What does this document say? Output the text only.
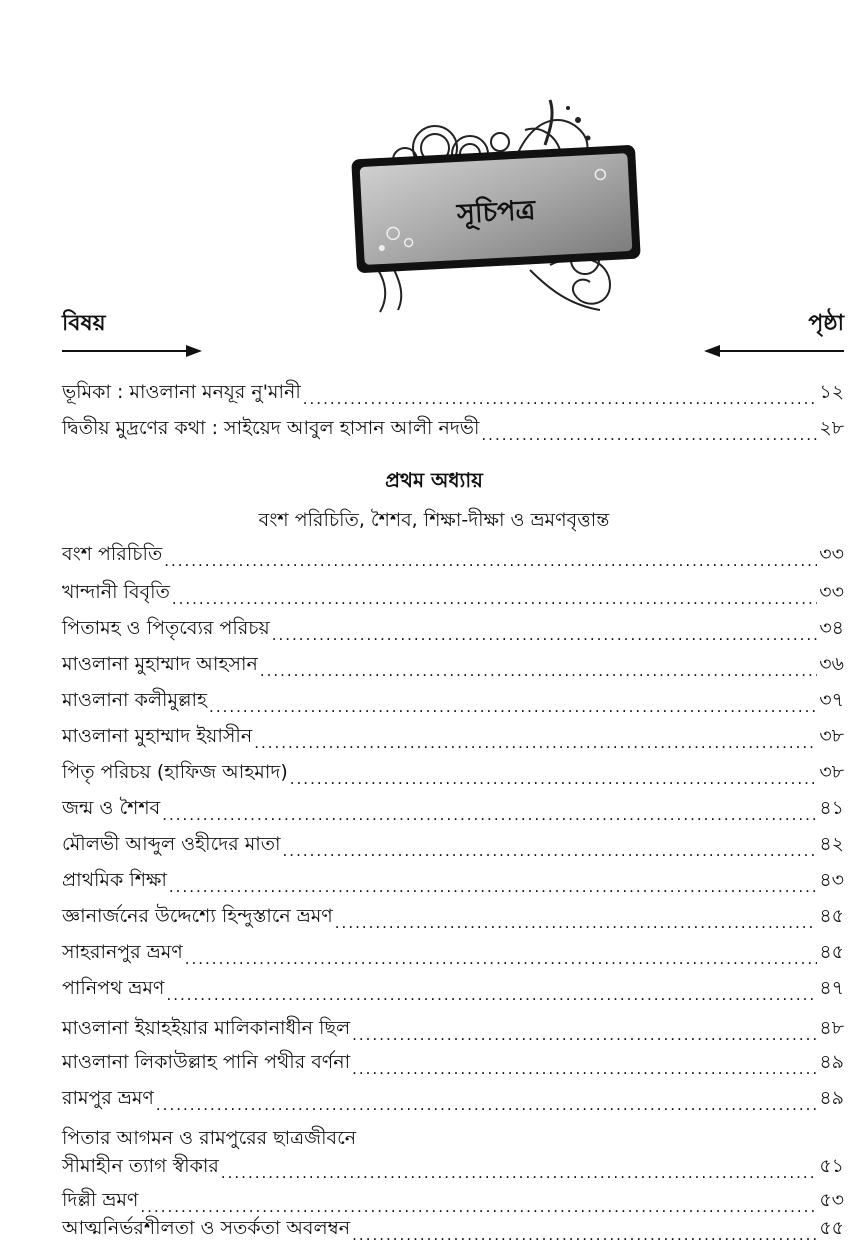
সূচিপত্র
বিষয়	পৃষ্ঠা
ভূমিকা : মাওলানা মনযূর নু'মানী .....	১২
দ্বিতীয় মুদ্রণের কথা : সাইয়েদ আবুল হাসান আলী নদভী .....	২৮
প্রথম অধ্যায়
বংশ পরিচিতি, শৈশব, শিক্ষা-দীক্ষা ও ভ্রমণবৃত্তান্ত
বংশ পরিচিতি .....	৩৩
খান্দানী বিবৃতি .....	৩৩
পিতামহ ও পিতৃব্যের পরিচয় .....	৩৪
মাওলানা মুহাম্মাদ আহসান .....	৩৬
মাওলানা কলীমুল্লাহ .....	৩৭
মাওলানা মুহাম্মাদ ইয়াসীন .....	৩৮
পিতৃ পরিচয় (হাফিজ আহমাদ) .....	৩৮
জন্ম ও শৈশব .....	৪১
মৌলভী আব্দুল ওহীদের মাতা .....	৪২
প্রাথমিক শিক্ষা .....	৪৩
জ্ঞানার্জনের উদ্দেশ্যে হিন্দুস্তানে ভ্রমণ .....	৪৫
সাহরানপুর ভ্রমণ .....	৪৫
পানিপথ ভ্রমণ .....	৪৭
মাওলানা ইয়াহইয়ার মালিকানাধীন ছিল .....	৪৮
মাওলানা লিকাউল্লাহ পানি পথীর বর্ণনা .....	৪৯
রামপুর ভ্রমণ .....	৪৯
পিতার আগমন ও রামপুরের ছাত্রজীবনে
সীমাহীন ত্যাগ স্বীকার .....	৫১
দিল্লী ভ্রমণ .....	৫৩
আত্মনির্ভরশীলতা ও সতর্কতা অবলম্বন .....	৫৫
